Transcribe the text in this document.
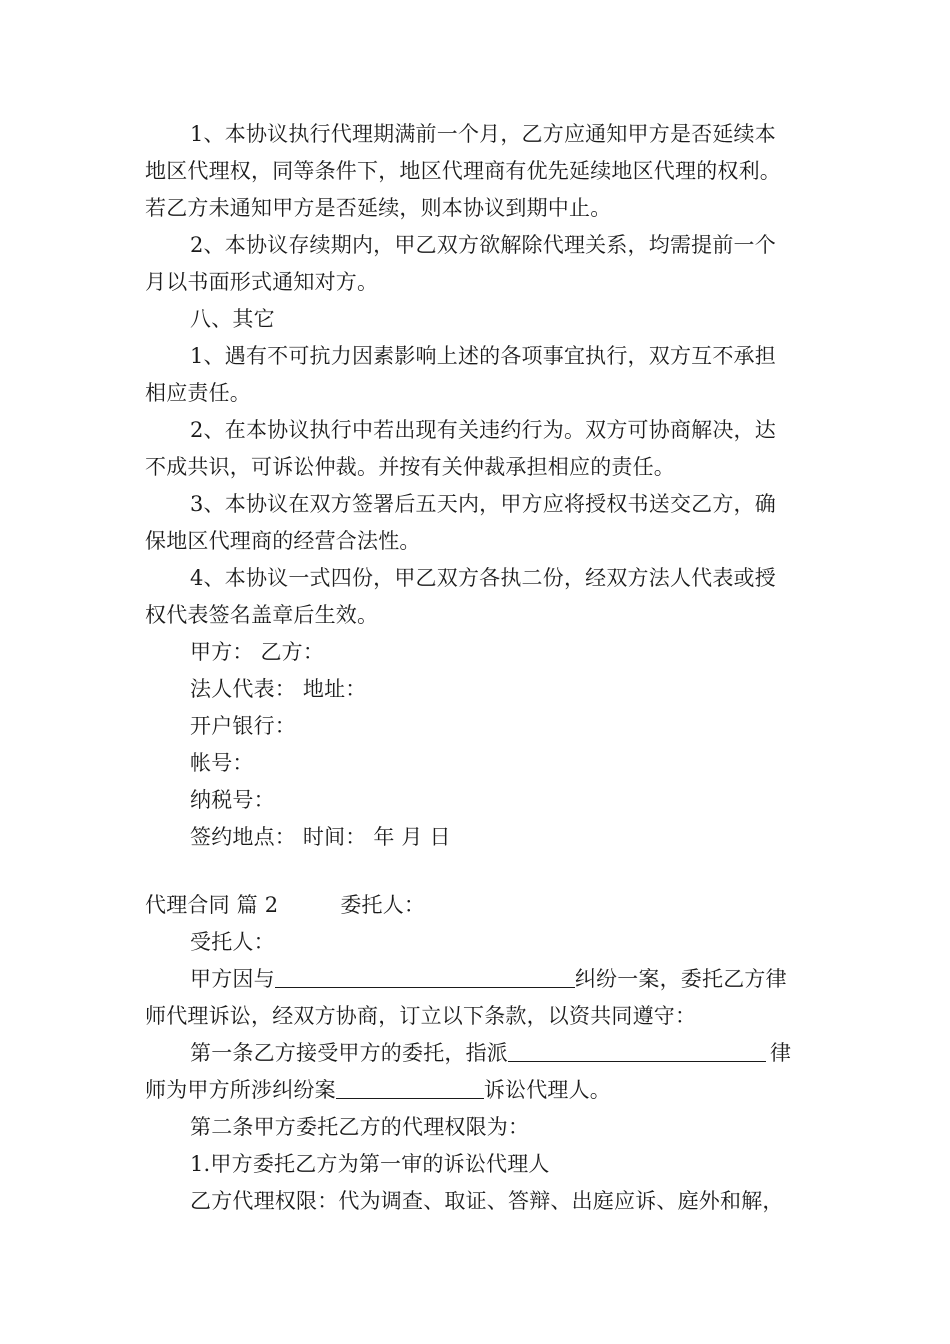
1、本协议执行代理期满前一个月，乙方应通知甲方是否延续本
地区代理权，同等条件下，地区代理商有优先延续地区代理的权利。
若乙方未通知甲方是否延续，则本协议到期中止。
2、本协议存续期内，甲乙双方欲解除代理关系，均需提前一个
月以书面形式通知对方。
八、其它
1、遇有不可抗力因素影响上述的各项事宜执行，双方互不承担
相应责任。
2、在本协议执行中若出现有关违约行为。双方可协商解决，达
不成共识，可诉讼仲裁。并按有关仲裁承担相应的责任。
3、本协议在双方签署后五天内，甲方应将授权书送交乙方，确
保地区代理商的经营合法性。
4、本协议一式四份，甲乙双方各执二份，经双方法人代表或授
权代表签名盖章后生效。
甲方： 乙方：
法人代表： 地址：
开户银行：
帐号：
纳税号：
签约地点： 时间： 年 月 日
代理合同 篇 2	委托人：
受托人：
甲方因与	纠纷一案，委托乙方律
师代理诉讼，经双方协商，订立以下条款，以资共同遵守：
第一条乙方接受甲方的委托，指派	律
师为甲方所涉纠纷案	诉讼代理人。
第二条甲方委托乙方的代理权限为：
1.甲方委托乙方为第一审的诉讼代理人
乙方代理权限：代为调查、取证、答辩、出庭应诉、庭外和解，
